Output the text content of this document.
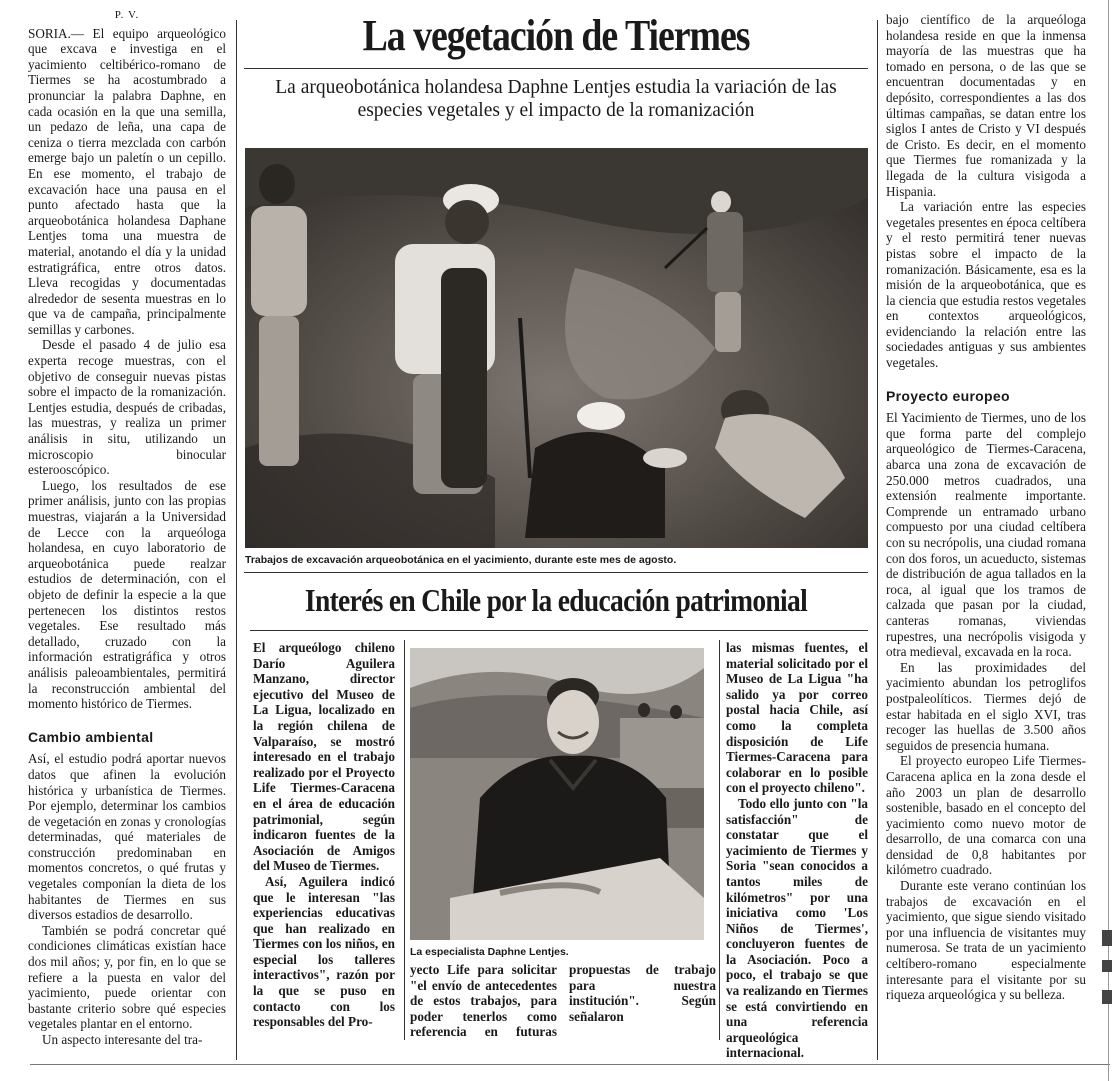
P. V.

SORIA.— El equipo arqueológico que excava e investiga en el yacimiento celtibérico-romano de Tiermes se ha acostumbrado a pronunciar la palabra Daphne, en cada ocasión en la que una semilla, un pedazo de leña, una capa de ceniza o tierra mezclada con carbón emerge bajo un paletín o un cepillo. En ese momento, el trabajo de excavación hace una pausa en el punto afectado hasta que la arqueobotánica holandesa Daphane Lentjes toma una muestra de material, anotando el día y la unidad estratigráfica, entre otros datos. Lleva recogidas y documentadas alrededor de sesenta muestras en lo que va de campaña, principalmente semillas y carbones.

Desde el pasado 4 de julio esa experta recoge muestras, con el objetivo de conseguir nuevas pistas sobre el impacto de la romanización. Lentjes estudia, después de cribadas, las muestras, y realiza un primer análisis in situ, utilizando un microscopio binocular esterooscópico.

Luego, los resultados de ese primer análisis, junto con las propias muestras, viajarán a la Universidad de Lecce con la arqueóloga holandesa, en cuyo laboratorio de arqueobotánica puede realzar estudios de determinación, con el objeto de definir la especie a la que pertenecen los distintos restos vegetales. Ese resultado más detallado, cruzado con la información estratigráfica y otros análisis paleoambientales, permitirá la reconstrucción ambiental del momento histórico de Tiermes.

Cambio ambiental

Así, el estudio podrá aportar nuevos datos que afinen la evolución histórica y urbanística de Tiermes. Por ejemplo, determinar los cambios de vegetación en zonas y cronologías determinadas, qué materiales de construcción predominaban en momentos concretos, o qué frutas y vegetales componían la dieta de los habitantes de Tiermes en sus diversos estadios de desarrollo.

También se podrá concretar qué condiciones climáticas existían hace dos mil años; y, por fin, en lo que se refiere a la puesta en valor del yacimiento, puede orientar con bastante criterio sobre qué especies vegetales plantar en el entorno.

Un aspecto interesante del tra-

La vegetación de Tiermes
La arqueobotánica holandesa Daphne Lentjes estudia la variación de las especies vegetales y el impacto de la romanización
Trabajos de excavación arqueobotánica en el yacimiento, durante este mes de agosto.
Interés en Chile por la educación patrimonial

El arqueólogo chileno Darío Aguilera Manzano, director ejecutivo del Museo de La Ligua, localizado en la región chilena de Valparaíso, se mostró interesado en el trabajo realizado por el Proyecto Life Tiermes-Caracena en el área de educación patrimonial, según indicaron fuentes de la Asociación de Amigos del Museo de Tiermes.

Así, Aguilera indicó que le interesan "las experiencias educativas que han realizado en Tiermes con los niños, en especial los talleres interactivos", razón por la que se puso en contacto con los responsables del Pro-

La especialista Daphne Lentjes.

yecto Life para solicitar "el envío de antecedentes de estos trabajos, para poder tenerlos como referencia en futuras propuestas de trabajo para nuestra institución".    Según señalaron

las mismas fuentes, el material solicitado por el Museo de La Ligua "ha salido ya por correo postal hacia Chile, así como la completa disposición de Life Tiermes-Caracena para colaborar en lo posible con el proyecto chileno".

Todo ello junto con "la satisfacción" de constatar que el yacimiento de Tiermes y Soria "sean conocidos a tantos miles de kilómetros" por una iniciativa como 'Los Niños de Tiermes', concluyeron fuentes de la Asociación. Poco a poco, el trabajo se que va realizando en Tiermes se está convirtiendo en una referencia arqueológica internacional.

bajo científico de la arqueóloga holandesa reside en que la inmensa mayoría de las muestras que ha tomado en persona, o de las que se encuentran documentadas y en depósito, correspondientes a las dos últimas campañas, se datan entre los siglos I antes de Cristo y VI después de Cristo. Es decir, en el momento que Tiermes fue romanizada y la llegada de la cultura visigoda a Hispania.

La variación entre las especies vegetales presentes en época celtíbera y el resto permitirá tener nuevas pistas sobre el impacto de la romanización. Básicamente, esa es la misión de la arqueobotánica, que es la ciencia que estudia restos vegetales en contextos arqueológicos, evidenciando la relación entre las sociedades antiguas y sus ambientes vegetales.

Proyecto europeo

El Yacimiento de Tiermes, uno de los que forma parte del complejo arqueológico de Tiermes-Caracena, abarca una zona de excavación de 250.000 metros cuadrados, una extensión realmente importante. Comprende un entramado urbano compuesto por una ciudad celtíbera con su necrópolis, una ciudad romana con dos foros, un acueducto, sistemas de distribución de agua tallados en la roca, al igual que los tramos de calzada que pasan por la ciudad, canteras romanas, viviendas rupestres, una necrópolis visigoda y otra medieval, excavada en la roca.

En las proximidades del yacimiento abundan los petroglifos postpaleolíticos. Tiermes dejó de estar habitada en el siglo XVI, tras recoger las huellas de 3.500 años seguidos de presencia humana.

El proyecto europeo Life Tiermes-Caracena aplica en la zona desde el año 2003 un plan de desarrollo sostenible, basado en el concepto del yacimiento como nuevo motor de desarrollo, de una comarca con una densidad de 0,8 habitantes por kilómetro cuadrado.

Durante este verano continúan los trabajos de excavación en el yacimiento, que sigue siendo visitado por una influencia de visitantes muy numerosa. Se trata de un yacimiento celtíbero-romano especialmente interesante para el visitante por su riqueza arqueológica y su belleza.
